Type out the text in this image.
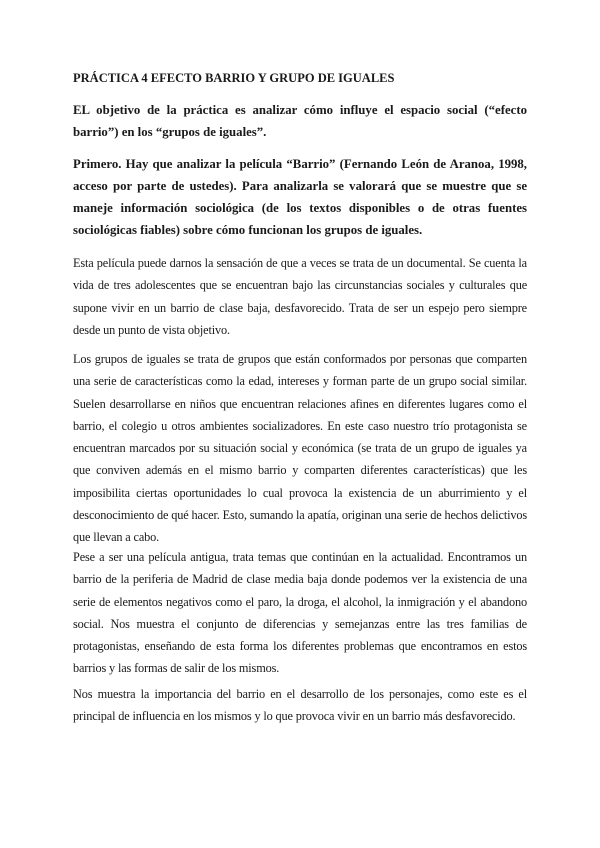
PRÁCTICA 4 EFECTO BARRIO Y GRUPO DE IGUALES

EL objetivo de la práctica es analizar cómo influye el espacio social (“efecto barrio”) en los “grupos de iguales”.

Primero. Hay que analizar la película “Barrio” (Fernando León de Aranoa, 1998, acceso por parte de ustedes). Para analizarla se valorará que se muestre que se maneje información sociológica (de los textos disponibles o de otras fuentes sociológicas fiables) sobre cómo funcionan los grupos de iguales.

Esta película puede darnos la sensación de que a veces se trata de un documental. Se cuenta la vida de tres adolescentes que se encuentran bajo las circunstancias sociales y culturales que supone vivir en un barrio de clase baja, desfavorecido. Trata de ser un espejo pero siempre desde un punto de vista objetivo.

Los grupos de iguales se trata de grupos que están conformados por personas que comparten una serie de características como la edad, intereses y forman parte de un grupo social similar. Suelen desarrollarse en niños que encuentran relaciones afines en diferentes lugares como el barrio, el colegio u otros ambientes socializadores. En este caso nuestro trío protagonista se encuentran marcados por su situación social y económica (se trata de un grupo de iguales ya que conviven además en el mismo barrio y comparten diferentes características) que les imposibilita ciertas oportunidades lo cual provoca la existencia de un aburrimiento y el desconocimiento de qué hacer. Esto, sumando la apatía, originan una serie de hechos delictivos que llevan a cabo.

Pese a ser una película antigua, trata temas que continúan en la actualidad. Encontramos un barrio de la periferia de Madrid de clase media baja donde podemos ver la existencia de una serie de elementos negativos como el paro, la droga, el alcohol, la inmigración y el abandono social. Nos muestra el conjunto de diferencias y semejanzas entre las tres familias de protagonistas, enseñando de esta forma los diferentes problemas que encontramos en estos barrios y las formas de salir de los mismos.

Nos muestra la importancia del barrio en el desarrollo de los personajes, como este es el principal de influencia en los mismos y lo que provoca vivir en un barrio más desfavorecido.
